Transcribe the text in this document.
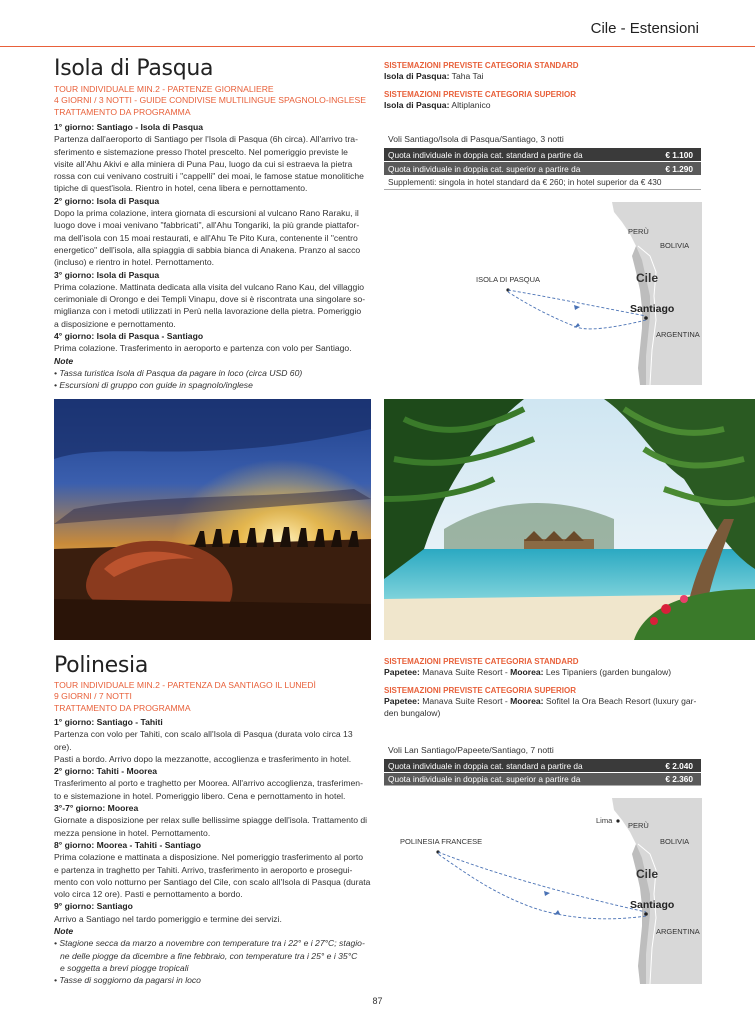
Cile - Estensioni
Isola di Pasqua
TOUR INDIVIDUALE MIN.2 - PARTENZE GIORNALIERE
4 GIORNI / 3 NOTTI - GUIDE CONDIVISE MULTILINGUE SPAGNOLO-INGLESE
TRATTAMENTO DA PROGRAMMA
1° giorno: Santiago - Isola di Pasqua
Partenza dall'aeroporto di Santiago per l'Isola di Pasqua (6h circa). All'arrivo tra-
sferimento e sistemazione presso l'hotel prescelto. Nel pomeriggio previste le
visite all'Ahu Akivi e alla miniera di Puna Pau, luogo da cui si estraeva la pietra
rossa con cui venivano costruiti i "cappelli" dei moai, le famose statue monolitiche
tipiche di quest'isola. Rientro in hotel, cena libera e pernottamento.
2° giorno: Isola di Pasqua
Dopo la prima colazione, intera giornata di escursioni al vulcano Rano Raraku, il
luogo dove i moai venivano "fabbricati", all'Ahu Tongariki, la più grande piattafor-
ma dell'isola con 15 moai restaurati, e all'Ahu Te Pito Kura, contenente il "centro
energetico" dell'isola, alla spiaggia di sabbia bianca di Anakena. Pranzo al sacco
(incluso) e rientro in hotel. Pernottamento.
3° giorno: Isola di Pasqua
Prima colazione. Mattinata dedicata alla visita del vulcano Rano Kau, del villaggio
cerimoniale di Orongo e dei Templi Vinapu, dove si è riscontrata una singolare so-
miglianza con i metodi utilizzati in Perù nella lavorazione della pietra. Pomeriggio
a disposizione e pernottamento.
4° giorno: Isola di Pasqua - Santiago
Prima colazione. Trasferimento in aeroporto e partenza con volo per Santiago.
Note
• Tassa turistica Isola di Pasqua da pagare in loco (circa USD 60)
• Escursioni di gruppo con guide in spagnolo/inglese
SISTEMAZIONI PREVISTE CATEGORIA STANDARD
Isola di Pasqua: Taha Tai
SISTEMAZIONI PREVISTE CATEGORIA SUPERIOR
Isola di Pasqua: Altiplanico
Voli Santiago/Isola di Pasqua/Santiago, 3 notti
Quota individuale in doppia cat. standard a partire da	€ 1.100
Quota individuale in doppia cat. superior a partire da	€ 1.290
Supplementi: singola in hotel standard da € 260; in hotel superior da € 430
PERÙ
BOLIVIA
ISOLA DI PASQUA	Cile
Santiago
ARGENTINA
Polinesia
TOUR INDIVIDUALE MIN.2 - PARTENZA DA SANTIAGO IL LUNEDÌ
9 GIORNI / 7 NOTTI
TRATTAMENTO DA PROGRAMMA
1° giorno: Santiago - Tahiti
Partenza con volo per Tahiti, con scalo all'Isola di Pasqua (durata volo circa 13 ore).
Pasti a bordo. Arrivo dopo la mezzanotte, accoglienza e trasferimento in hotel.
2° giorno: Tahiti - Moorea
Trasferimento al porto e traghetto per Moorea. All'arrivo accoglienza, trasferimen-
to e sistemazione in hotel. Pomeriggio libero. Cena e pernottamento in hotel.
3°-7° giorno: Moorea
Giornate a disposizione per relax sulle bellissime spiagge dell'isola. Trattamento di
mezza pensione in hotel. Pernottamento.
8° giorno: Moorea - Tahiti - Santiago
Prima colazione e mattinata a disposizione. Nel pomeriggio trasferimento al porto
e partenza in traghetto per Tahiti. Arrivo, trasferimento in aeroporto e prosegui-
mento con volo notturno per Santiago del Cile, con scalo all'Isola di Pasqua (durata
volo circa 12 ore). Pasti e pernottamento a bordo.
9° giorno: Santiago
Arrivo a Santiago nel tardo pomeriggio e termine dei servizi.
Note
• Stagione secca da marzo a novembre con temperature tra i 22° e i 27°C; stagio-
ne delle piogge da dicembre a fine febbraio, con temperature tra i 25° e i 35°C
e soggetta a brevi piogge tropicali
• Tasse di soggiorno da pagarsi in loco
SISTEMAZIONI PREVISTE CATEGORIA STANDARD
Papetee: Manava Suite Resort - Moorea: Les Tipaniers (garden bungalow)
SISTEMAZIONI PREVISTE CATEGORIA SUPERIOR
Papetee: Manava Suite Resort - Moorea: Sofitel Ia Ora Beach Resort (luxury gar-
den bungalow)
Voli Lan Santiago/Papeete/Santiago, 7 notti
Quota individuale in doppia cat. standard a partire da	€ 2.040
Quota individuale in doppia cat. superior a partire da	€ 2.360
Lima
PERÙ
BOLIVIA
POLINESIA FRANCESE
Cile
Santiago
ARGENTINA
87
